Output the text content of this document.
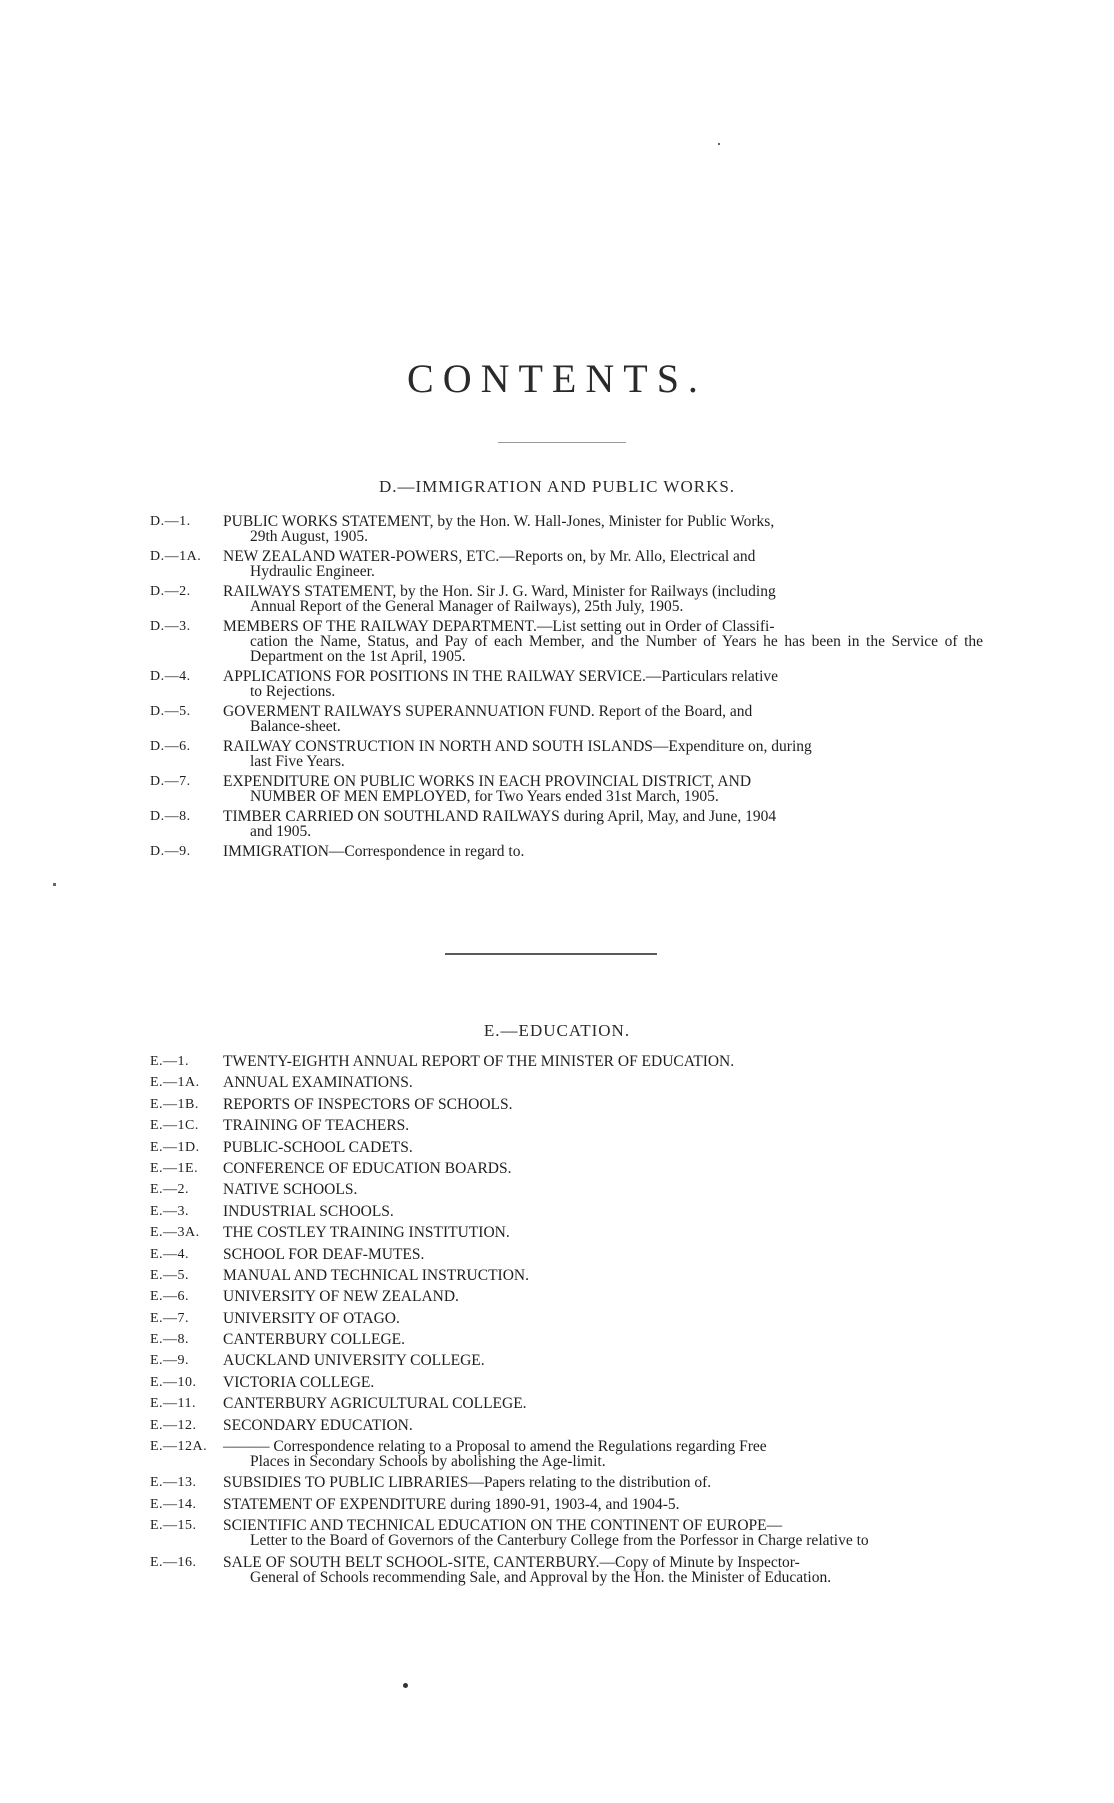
CONTENTS.
D.—IMMIGRATION AND PUBLIC WORKS.
D.—1.	PUBLIC WORKS STATEMENT, by the Hon. W. Hall-Jones, Minister for Public Works,
29th August, 1905.
D.—1A.	NEW ZEALAND WATER-POWERS, ETC.—Reports on, by Mr. Allo, Electrical and
Hydraulic Engineer.
D.—2.	RAILWAYS STATEMENT, by the Hon. Sir J. G. Ward, Minister for Railways (including
Annual Report of the General Manager of Railways), 25th July, 1905.
D.—3.	MEMBERS OF THE RAILWAY DEPARTMENT.—List setting out in Order of Classifi-
cation the Name, Status, and Pay of each Member, and the Number of Years he has been in the Service of the Department on the 1st April, 1905.
D.—4.	APPLICATIONS FOR POSITIONS IN THE RAILWAY SERVICE.—Particulars relative
to Rejections.
D.—5.	GOVERMENT RAILWAYS SUPERANNUATION FUND. Report of the Board, and
Balance-sheet.
D.—6.	RAILWAY CONSTRUCTION IN NORTH AND SOUTH ISLANDS—Expenditure on, during
last Five Years.
D.—7.	EXPENDITURE ON PUBLIC WORKS IN EACH PROVINCIAL DISTRICT, AND
NUMBER OF MEN EMPLOYED, for Two Years ended 31st March, 1905.
D.—8.	TIMBER CARRIED ON SOUTHLAND RAILWAYS during April, May, and June, 1904
and 1905.
D.—9.	IMMIGRATION—Correspondence in regard to.
E.—EDUCATION.
E.—1.	TWENTY-EIGHTH ANNUAL REPORT OF THE MINISTER OF EDUCATION.
E.—1A.	ANNUAL EXAMINATIONS.
E.—1B.	REPORTS OF INSPECTORS OF SCHOOLS.
E.—1C.	TRAINING OF TEACHERS.
E.—1D.	PUBLIC-SCHOOL CADETS.
E.—1E.	CONFERENCE OF EDUCATION BOARDS.
E.—2.	NATIVE SCHOOLS.
E.—3.	INDUSTRIAL SCHOOLS.
E.—3A.	THE COSTLEY TRAINING INSTITUTION.
E.—4.	SCHOOL FOR DEAF-MUTES.
E.—5.	MANUAL AND TECHNICAL INSTRUCTION.
E.—6.	UNIVERSITY OF NEW ZEALAND.
E.—7.	UNIVERSITY OF OTAGO.
E.—8.	CANTERBURY COLLEGE.
E.—9.	AUCKLAND UNIVERSITY COLLEGE.
E.—10.	VICTORIA COLLEGE.
E.—11.	CANTERBURY AGRICULTURAL COLLEGE.
E.—12.	SECONDARY EDUCATION.
E.—12A.	——— Correspondence relating to a Proposal to amend the Regulations regarding Free
Places in Secondary Schools by abolishing the Age-limit.
E.—13.	SUBSIDIES TO PUBLIC LIBRARIES—Papers relating to the distribution of.
E.—14.	STATEMENT OF EXPENDITURE during 1890-91, 1903-4, and 1904-5.
E.—15.	SCIENTIFIC AND TECHNICAL EDUCATION ON THE CONTINENT OF EUROPE—
Letter to the Board of Governors of the Canterbury College from the Porfessor in Charge relative to
E.—16.	SALE OF SOUTH BELT SCHOOL-SITE, CANTERBURY.—Copy of Minute by Inspector-
General of Schools recommending Sale, and Approval by the Hon. the Minister of Education.
